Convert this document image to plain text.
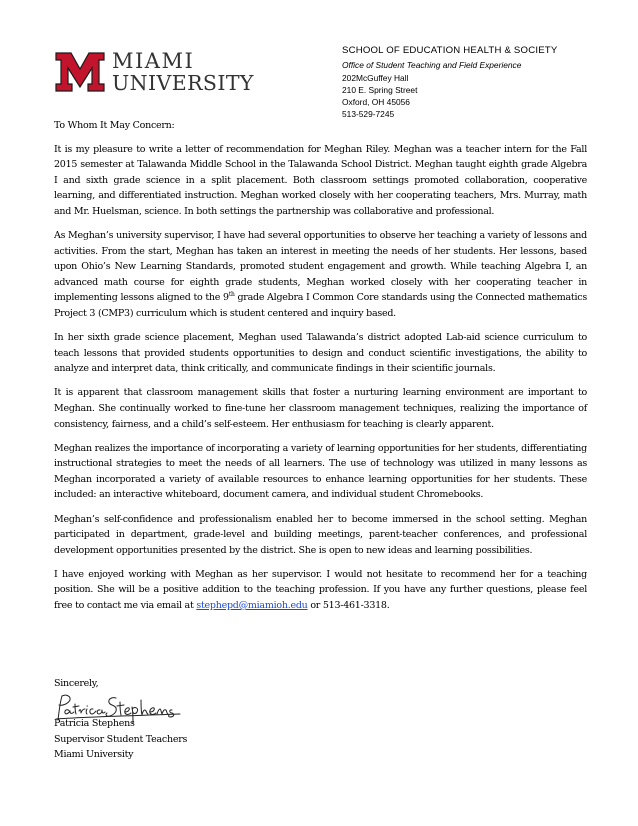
MIAMI
UNIVERSITY
SCHOOL OF EDUCATION HEALTH & SOCIETY
Office of Student Teaching and Field Experience
202McGuffey Hall
210 E. Spring Street
Oxford, OH 45056
513-529-7245

To Whom It May Concern:

It is my pleasure to write a letter of recommendation for Meghan Riley. Meghan was a teacher intern for the Fall 2015 semester at Talawanda Middle School in the Talawanda School District. Meghan taught eighth grade Algebra I and sixth grade science in a split placement. Both classroom settings promoted collaboration, cooperative learning, and differentiated instruction. Meghan worked closely with her cooperating teachers, Mrs. Murray, math and Mr. Huelsman, science. In both settings the partnership was collaborative and professional.

As Meghan’s university supervisor, I have had several opportunities to observe her teaching a variety of lessons and activities. From the start, Meghan has taken an interest in meeting the needs of her students. Her lessons, based upon Ohio’s New Learning Standards, promoted student engagement and growth. While teaching Algebra I, an advanced math course for eighth grade students, Meghan worked closely with her cooperating teacher in implementing lessons aligned to the 9th grade Algebra I Common Core standards using the Connected mathematics Project 3 (CMP3) curriculum which is student centered and inquiry based.

In her sixth grade science placement, Meghan used Talawanda’s district adopted Lab-aid science curriculum to teach lessons that provided students opportunities to design and conduct scientific investigations, the ability to analyze and interpret data, think critically, and communicate findings in their scientific journals.

It is apparent that classroom management skills that foster a nurturing learning environment are important to Meghan. She continually worked to fine-tune her classroom management techniques, realizing the importance of consistency, fairness, and a child’s self-esteem. Her enthusiasm for teaching is clearly apparent.

Meghan realizes the importance of incorporating a variety of learning opportunities for her students, differentiating instructional strategies to meet the needs of all learners. The use of technology was utilized in many lessons as Meghan incorporated a variety of available resources to enhance learning opportunities for her students. These included: an interactive whiteboard, document camera, and individual student Chromebooks.

Meghan’s self-confidence and professionalism enabled her to become immersed in the school setting. Meghan participated in department, grade-level and building meetings, parent-teacher conferences, and professional development opportunities presented by the district. She is open to new ideas and learning possibilities.

I have enjoyed working with Meghan as her supervisor. I would not hesitate to recommend her for a teaching position. She will be a positive addition to the teaching profession. If you have any further questions, please feel free to contact me via email at stephepd@miamioh.edu or 513-461-3318.

Sincerely,
Patricia Stephens
Supervisor Student Teachers
Miami University
